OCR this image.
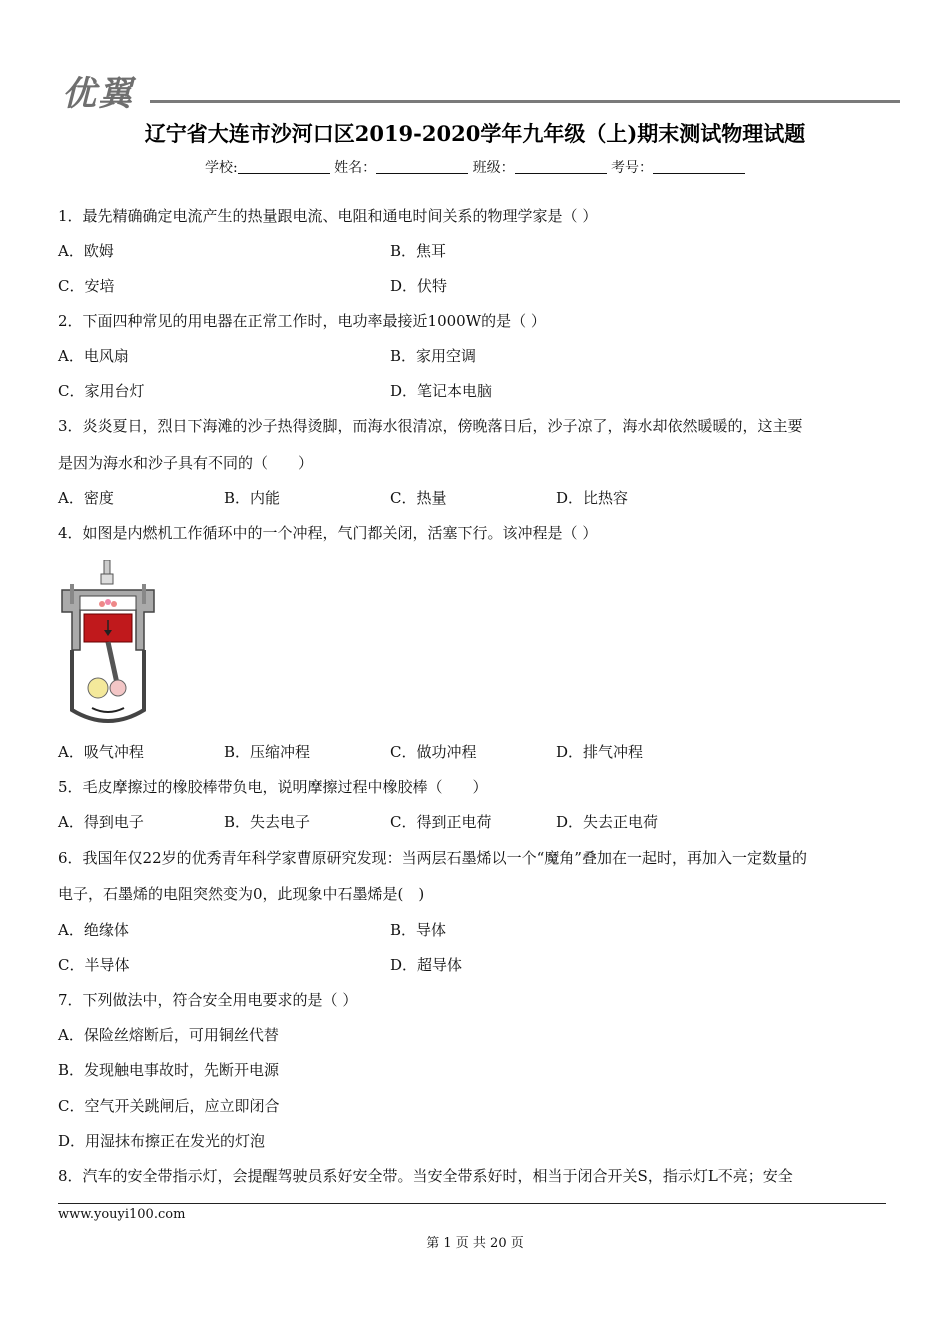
优翼
辽宁省大连市沙河口区2019-2020学年九年级（上)期末测试物理试题
学校:	姓名：	班级：	考号：
1．最先精确确定电流产生的热量跟电流、电阻和通电时间关系的物理学家是（ ）
A．欧姆	B．焦耳
C．安培	D．伏特
2．下面四种常见的用电器在正常工作时，电功率最接近1000W的是（ ）
A．电风扇	B．家用空调
C．家用台灯	D．笔记本电脑
3．炎炎夏日，烈日下海滩的沙子热得烫脚，而海水很清凉，傍晚落日后，沙子凉了，海水却依然暖暖的，这主要
是因为海水和沙子具有不同的（　　）
A．密度	B．内能	C．热量	D．比热容
4．如图是内燃机工作循环中的一个冲程，气门都关闭，活塞下行。该冲程是（ ）
A．吸气冲程	B．压缩冲程	C．做功冲程	D．排气冲程
5．毛皮摩擦过的橡胶棒带负电，说明摩擦过程中橡胶棒（　　）
A．得到电子	B．失去电子	C．得到正电荷	D．失去正电荷
6．我国年仅22岁的优秀青年科学家曹原研究发现：当两层石墨烯以一个“魔角”叠加在一起时，再加入一定数量的
电子，石墨烯的电阻突然变为0，此现象中石墨烯是(　)
A．绝缘体	B．导体
C．半导体	D．超导体
7．下列做法中，符合安全用电要求的是（ ）
A．保险丝熔断后，可用铜丝代替
B．发现触电事故时，先断开电源
C．空气开关跳闸后，应立即闭合
D．用湿抹布擦正在发光的灯泡
8．汽车的安全带指示灯，会提醒驾驶员系好安全带。当安全带系好时，相当于闭合开关S，指示灯L不亮；安全
www.youyi100.com
第 1 页 共 20 页
